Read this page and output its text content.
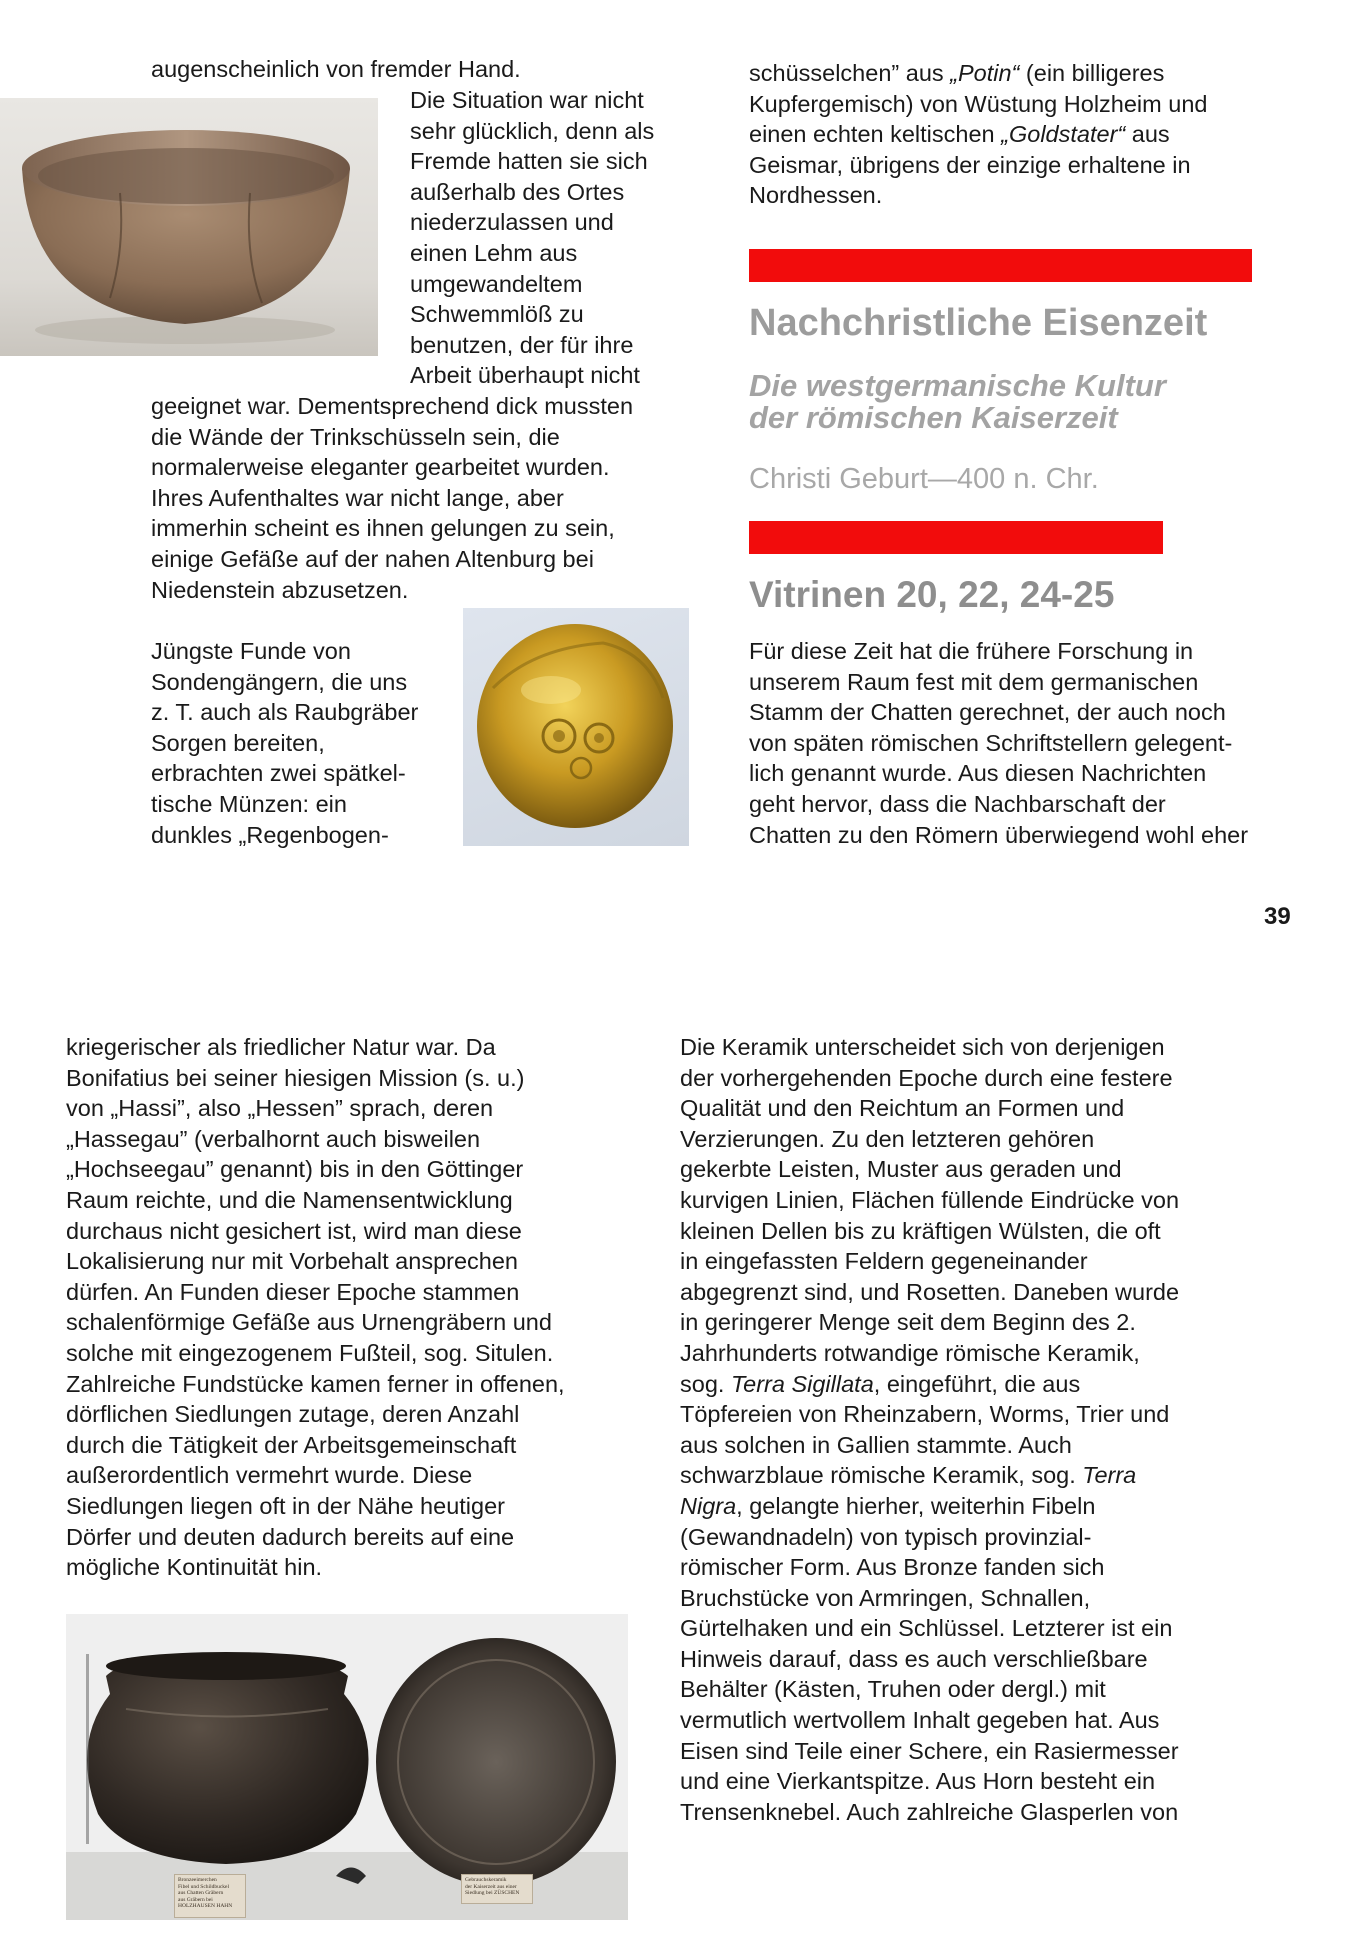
augenscheinlich von fremder Hand.

Die Situation war nicht
sehr glücklich, denn als
Fremde hatten sie sich
außerhalb des Ortes
niederzulassen und
einen Lehm aus
umgewandeltem
Schwemmlöß zu
benutzen, der für ihre
Arbeit überhaupt nicht

geeignet war. Dementsprechend dick mussten
die Wände der Trinkschüsseln sein, die
normalerweise eleganter gearbeitet wurden.
Ihres Aufenthaltes war nicht lange, aber
immerhin scheint es ihnen gelungen zu sein,
einige Gefäße auf der nahen Altenburg bei
Niedenstein abzusetzen.

Jüngste Funde von
Sondengängern, die uns
z. T. auch als Raubgräber
Sorgen bereiten,
erbrachten zwei spätkel-
tische Münzen: ein
dunkles „Regenbogen-

schüsselchen” aus „Potin“ (ein billigeres
Kupfergemisch) von Wüstung Holzheim und
einen echten keltischen „Goldstater“ aus
Geismar, übrigens der einzige erhaltene in
Nordhessen.

Nachchristliche Eisenzeit
Die westgermanische Kultur
der römischen Kaiserzeit
Christi Geburt—400 n. Chr.
Vitrinen 20, 22, 24-25

Für diese Zeit hat die frühere Forschung in
unserem Raum fest mit dem germanischen
Stamm der Chatten gerechnet, der auch noch
von späten römischen Schriftstellern gelegent-
lich genannt wurde. Aus diesen Nachrichten
geht hervor, dass die Nachbarschaft der
Chatten zu den Römern überwiegend wohl eher

39

kriegerischer als friedlicher Natur war. Da
Bonifatius bei seiner hiesigen Mission (s. u.)
von „Hassi”, also „Hessen” sprach, deren
„Hassegau” (verbalhornt auch bisweilen
„Hochseegau” genannt) bis in den Göttinger
Raum reichte, und die Namensentwicklung
durchaus nicht gesichert ist, wird man diese
Lokalisierung nur mit Vorbehalt ansprechen
dürfen. An Funden dieser Epoche stammen
schalenförmige Gefäße aus Urnengräbern und
solche mit eingezogenem Fußteil, sog. Situlen.
Zahlreiche Fundstücke kamen ferner in offenen,
dörflichen Siedlungen zutage, deren Anzahl
durch die Tätigkeit der Arbeitsgemeinschaft
außerordentlich vermehrt wurde. Diese
Siedlungen liegen oft in der Nähe heutiger
Dörfer und deuten dadurch bereits auf eine
mögliche Kontinuität hin.

Bronzeeimerchen
Fibel und Schildbuckel
aus Chatten Gräbern
aus Gräbern bei
HOLZHAUSEN HAHN
Gebrauchskeramik
der Kaiserzeit aus einer
Siedlung bei ZÜSCHEN

Die Keramik unterscheidet sich von derjenigen
der vorhergehenden Epoche durch eine festere
Qualität und den Reichtum an Formen und
Verzierungen. Zu den letzteren gehören
gekerbte Leisten, Muster aus geraden und
kurvigen Linien, Flächen füllende Eindrücke von
kleinen Dellen bis zu kräftigen Wülsten, die oft
in eingefassten Feldern gegeneinander
abgegrenzt sind, und Rosetten. Daneben wurde
in geringerer Menge seit dem Beginn des 2.
Jahrhunderts rotwandige römische Keramik,
sog. Terra Sigillata, eingeführt, die aus
Töpfereien von Rheinzabern, Worms, Trier und
aus solchen in Gallien stammte. Auch
schwarzblaue römische Keramik, sog. Terra
Nigra, gelangte hierher, weiterhin Fibeln
(Gewandnadeln) von typisch provinzial-
römischer Form. Aus Bronze fanden sich
Bruchstücke von Armringen, Schnallen,
Gürtelhaken und ein Schlüssel. Letzterer ist ein
Hinweis darauf, dass es auch verschließbare
Behälter (Kästen, Truhen oder dergl.) mit
vermutlich wertvollem Inhalt gegeben hat. Aus
Eisen sind Teile einer Schere, ein Rasiermesser
und eine Vierkantspitze. Aus Horn besteht ein
Trensenknebel. Auch zahlreiche Glasperlen von
